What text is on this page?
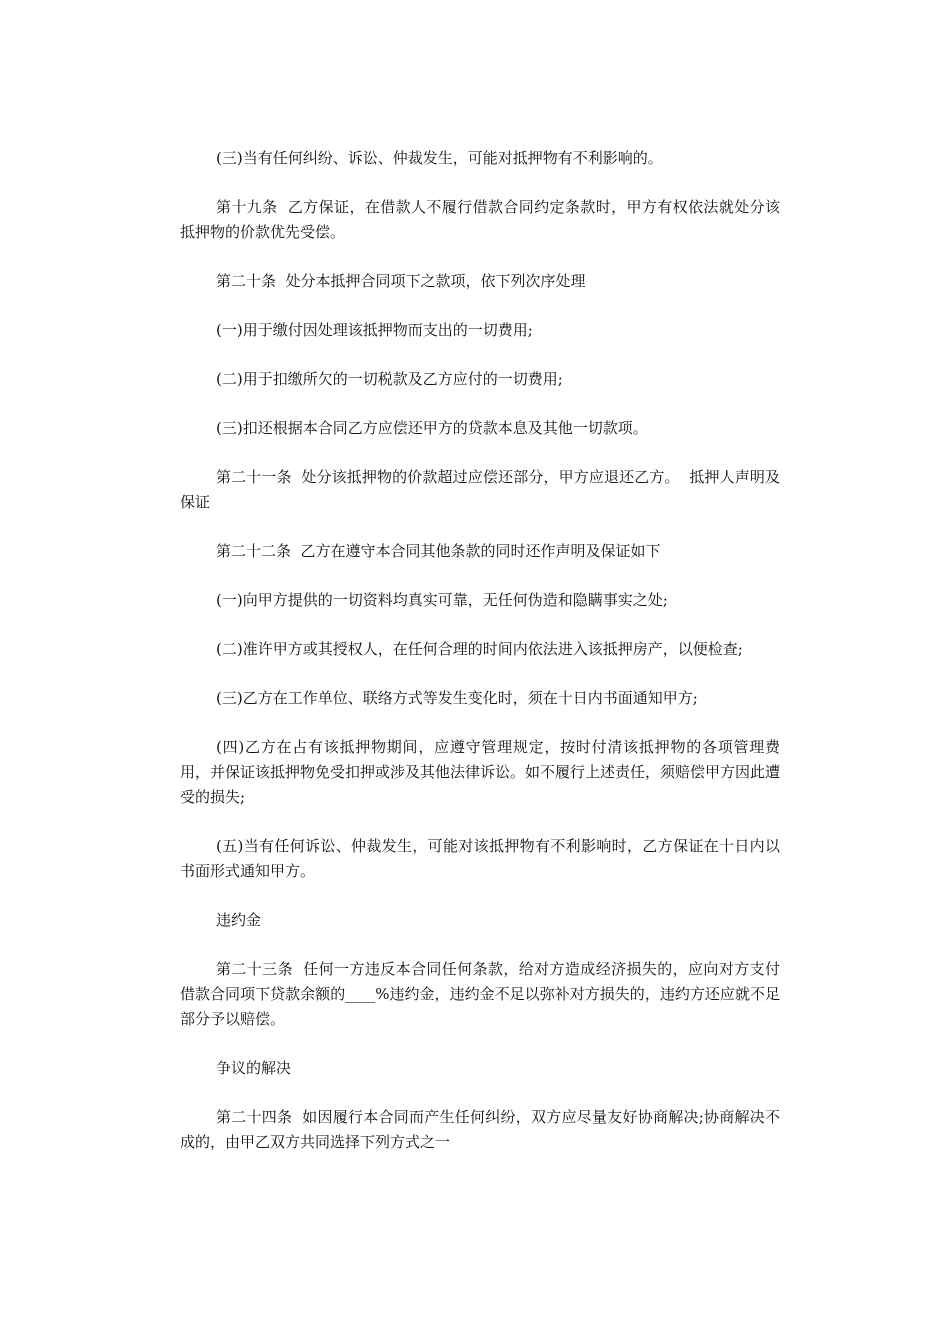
(三)当有任何纠纷、诉讼、仲裁发生，可能对抵押物有不利影响的。

第十九条  乙方保证，在借款人不履行借款合同约定条款时，甲方有权依法就处分该抵押物的价款优先受偿。

第二十条  处分本抵押合同项下之款项，依下列次序处理

(一)用于缴付因处理该抵押物而支出的一切费用;

(二)用于扣缴所欠的一切税款及乙方应付的一切费用;

(三)扣还根据本合同乙方应偿还甲方的贷款本息及其他一切款项。

第二十一条  处分该抵押物的价款超过应偿还部分，甲方应退还乙方。  抵押人声明及保证

第二十二条  乙方在遵守本合同其他条款的同时还作声明及保证如下

(一)向甲方提供的一切资料均真实可靠，无任何伪造和隐瞒事实之处;

(二)准许甲方或其授权人，在任何合理的时间内依法进入该抵押房产，以便检查;

(三)乙方在工作单位、联络方式等发生变化时，须在十日内书面通知甲方;

(四)乙方在占有该抵押物期间，应遵守管理规定，按时付清该抵押物的各项管理费用，并保证该抵押物免受扣押或涉及其他法律诉讼。如不履行上述责任，须赔偿甲方因此遭受的损失;

(五)当有任何诉讼、仲裁发生，可能对该抵押物有不利影响时，乙方保证在十日内以书面形式通知甲方。

违约金

第二十三条  任何一方违反本合同任何条款，给对方造成经济损失的，应向对方支付借款合同项下贷款余额的____%违约金，违约金不足以弥补对方损失的，违约方还应就不足部分予以赔偿。

争议的解决

第二十四条  如因履行本合同而产生任何纠纷，双方应尽量友好协商解决;协商解决不成的，由甲乙双方共同选择下列方式之一
